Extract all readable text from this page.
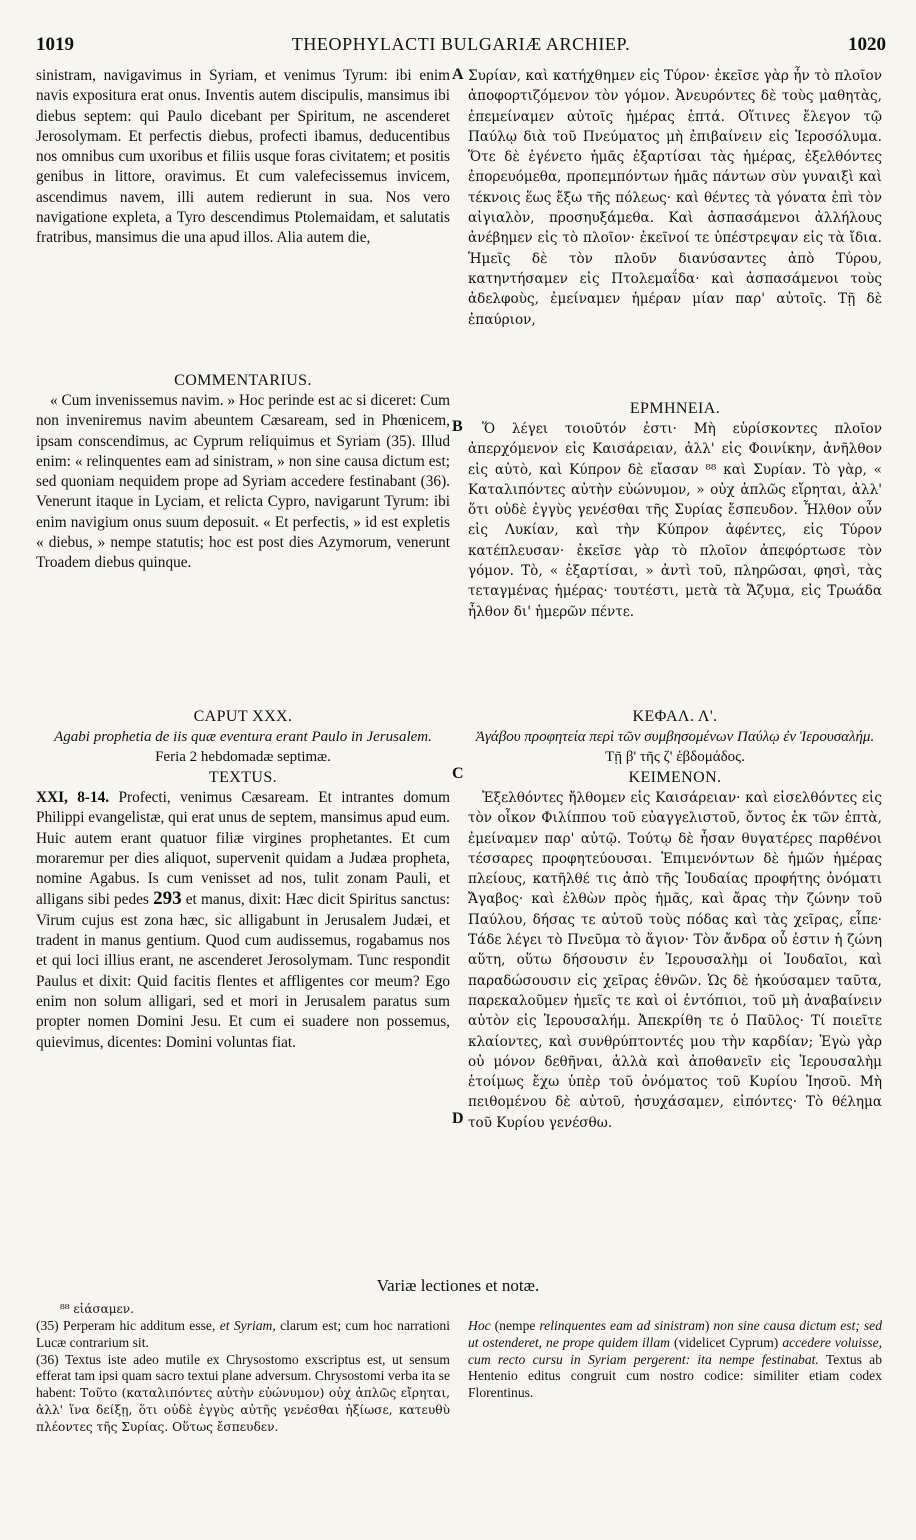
1019	THEOPHYLACTI BULGARIÆ ARCHIEP.	1020
A
B
C
D

sinistram, navigavimus in Syriam, et venimus Tyrum: ibi enim navis expositura erat onus. Inventis autem discipulis, mansimus ibi diebus septem: qui Paulo dicebant per Spiritum, ne ascenderet Jerosolymam. Et perfectis diebus, profecti ibamus, deducentibus nos omnibus cum uxoribus et filiis usque foras civitatem; et positis genibus in littore, oravimus. Et cum valefecissemus invicem, ascendimus navem, illi autem redierunt in sua. Nos vero navigatione expleta, a Tyro descendimus Ptolemaidam, et salutatis fratribus, mansimus die una apud illos. Alia autem die,

Συρίαν, καὶ κατήχθημεν εἰς Τύρον· ἐκεῖσε γὰρ ἦν τὸ πλοῖον ἀποφορτιζόμενον τὸν γόμον. Ἀνευρόντες δὲ τοὺς μαθητὰς, ἐπεμείναμεν αὐτοῖς ἡμέρας ἑπτά. Οἵτινες ἔλεγον τῷ Παύλῳ διὰ τοῦ Πνεύματος μὴ ἐπιβαίνειν εἰς Ἱεροσόλυμα. Ὅτε δὲ ἐγένετο ἡμᾶς ἐξαρτίσαι τὰς ἡμέρας, ἐξελθόντες ἐπορευόμεθα, προπεμπόντων ἡμᾶς πάντων σὺν γυναιξὶ καὶ τέκνοις ἕως ἔξω τῆς πόλεως· καὶ θέντες τὰ γόνατα ἐπὶ τὸν αἰγιαλὸν, προσηυξάμεθα. Καὶ ἀσπασάμενοι ἀλλήλους ἀνέβημεν εἰς τὸ πλοῖον· ἐκεῖνοί τε ὑπέστρεψαν εἰς τὰ ἴδια. Ἡμεῖς δὲ τὸν πλοῦν διανύσαντες ἀπὸ Τύρου, κατηντήσαμεν εἰς Πτολεμαΐδα· καὶ ἀσπασάμενοι τοὺς ἀδελφοὺς, ἐμείναμεν ἡμέραν μίαν παρ' αὐτοῖς. Τῇ δὲ ἐπαύριον,

COMMENTARIUS.

« Cum invenissemus navim. » Hoc perinde est ac si diceret: Cum non inveniremus navim abeuntem Cæsaream, sed in Phœnicem, ipsam conscendimus, ac Cyprum reliquimus et Syriam (35). Illud enim: « relinquentes eam ad sinistram, » non sine causa dictum est; sed quoniam nequidem prope ad Syriam accedere festinabant (36). Venerunt itaque in Lyciam, et relicta Cypro, navigarunt Tyrum: ibi enim navigium onus suum deposuit. « Et perfectis, » id est expletis « diebus, » nempe statutis; hoc est post dies Azymorum, venerunt Troadem diebus quinque.

ΕΡΜΗΝΕΙΑ.

Ὅ λέγει τοιοῦτόν ἐστι· Μὴ εὑρίσκοντες πλοῖον ἀπερχόμενον εἰς Καισάρειαν, ἀλλ' εἰς Φοινίκην, ἀνῆλθον εἰς αὐτὸ, καὶ Κύπρον δὲ εἴασαν ⁸⁸ καὶ Συρίαν. Τὸ γὰρ, « Καταλιπόντες αὐτὴν εὐώνυμον, » οὐχ ἁπλῶς εἴρηται, ἀλλ' ὅτι οὐδὲ ἐγγὺς γενέσθαι τῆς Συρίας ἔσπευδον. Ἦλθον οὖν εἰς Λυκίαν, καὶ τὴν Κύπρον ἀφέντες, εἰς Τύρον κατέπλευσαν· ἐκεῖσε γὰρ τὸ πλοῖον ἀπεφόρτωσε τὸν γόμον. Τὸ, « ἐξαρτίσαι, » ἀντὶ τοῦ, πληρῶσαι, φησὶ, τὰς τεταγμένας ἡμέρας· τουτέστι, μετὰ τὰ Ἄζυμα, εἰς Τρωάδα ἦλθον δι' ἡμερῶν πέντε.

CAPUT XXX.
Agabi prophetia de iis quæ eventura erant Paulo in Jerusalem.
Feria 2 hebdomadæ septimæ.
TEXTUS.

XXI, 8-14. Profecti, venimus Cæsaream. Et intrantes domum Philippi evangelistæ, qui erat unus de septem, mansimus apud eum. Huic autem erant quatuor filiæ virgines prophetantes. Et cum moraremur per dies aliquot, supervenit quidam a Judæa propheta, nomine Agabus. Is cum venisset ad nos, tulit zonam Pauli, et alligans sibi pedes 293 et manus, dixit: Hæc dicit Spiritus sanctus: Virum cujus est zona hæc, sic alligabunt in Jerusalem Judæi, et tradent in manus gentium. Quod cum audissemus, rogabamus nos et qui loci illius erant, ne ascenderet Jerosolymam. Tunc respondit Paulus et dixit: Quid facitis flentes et affligentes cor meum? Ego enim non solum alligari, sed et mori in Jerusalem paratus sum propter nomen Domini Jesu. Et cum ei suadere non possemus, quievimus, dicentes: Domini voluntas fiat.

ΚΕΦΑΛ. Λ'.
Ἀγάβου προφητεία περὶ τῶν συμβησομένων Παύλῳ ἐν Ἱερουσαλήμ.
Τῇ β' τῆς ζ' ἑβδομάδος.
ΚΕΙΜΕΝΟΝ.

Ἐξελθόντες ἤλθομεν εἰς Καισάρειαν· καὶ εἰσελθόντες εἰς τὸν οἶκον Φιλίππου τοῦ εὐαγγελιστοῦ, ὄντος ἐκ τῶν ἑπτὰ, ἐμείναμεν παρ' αὐτῷ. Τούτῳ δὲ ἦσαν θυγατέρες παρθένοι τέσσαρες προφητεύουσαι. Ἐπιμενόντων δὲ ἡμῶν ἡμέρας πλείους, κατῆλθέ τις ἀπὸ τῆς Ἰουδαίας προφήτης ὀνόματι Ἄγαβος· καὶ ἐλθὼν πρὸς ἡμᾶς, καὶ ἄρας τὴν ζώνην τοῦ Παύλου, δήσας τε αὐτοῦ τοὺς πόδας καὶ τὰς χεῖρας, εἶπε· Τάδε λέγει τὸ Πνεῦμα τὸ ἅγιον· Τὸν ἄνδρα οὗ ἐστιν ἡ ζώνη αὕτη, οὕτω δήσουσιν ἐν Ἱερουσαλὴμ οἱ Ἰουδαῖοι, καὶ παραδώσουσιν εἰς χεῖρας ἐθνῶν. Ὡς δὲ ἠκούσαμεν ταῦτα, παρεκαλοῦμεν ἡμεῖς τε καὶ οἱ ἐντόπιοι, τοῦ μὴ ἀναβαίνειν αὐτὸν εἰς Ἱερουσαλήμ. Ἀπεκρίθη τε ὁ Παῦλος· Τί ποιεῖτε κλαίοντες, καὶ συνθρύπτοντές μου τὴν καρδίαν; Ἐγὼ γὰρ οὐ μόνον δεθῆναι, ἀλλὰ καὶ ἀποθανεῖν εἰς Ἱερουσαλὴμ ἑτοίμως ἔχω ὑπὲρ τοῦ ὀνόματος τοῦ Κυρίου Ἰησοῦ. Μὴ πειθομένου δὲ αὐτοῦ, ἡσυχάσαμεν, εἰπόντες· Τὸ θέλημα τοῦ Κυρίου γενέσθω.

Variæ lectiones et notæ.
⁸⁸ εἰάσαμεν.

(35) Perperam hic additum esse, et Syriam, clarum est; cum hoc narrationi Lucæ contrarium sit.

(36) Textus iste adeo mutile ex Chrysostomo exscriptus est, ut sensum efferat tam ipsi quam sacro textui plane adversum. Chrysostomi verba ita se habent: Τοῦτο (καταλιπόντες αὐτὴν εὐώνυμον) οὐχ ἁπλῶς εἴρηται, ἀλλ' ἵνα δείξῃ, ὅτι οὐδὲ ἐγγὺς αὐτῆς γενέσθαι ἠξίωσε, κατευθὺ πλέοντες τῆς Συρίας. Οὕτως ἔσπευδεν.

Hoc (nempe relinquentes eam ad sinistram) non sine causa dictum est; sed ut ostenderet, ne prope quidem illam (videlicet Cyprum) accedere voluisse, cum recto cursu in Syriam pergerent: ita nempe festinabat. Textus ab Hentenio editus congruit cum nostro codice: similiter etiam codex Florentinus.
